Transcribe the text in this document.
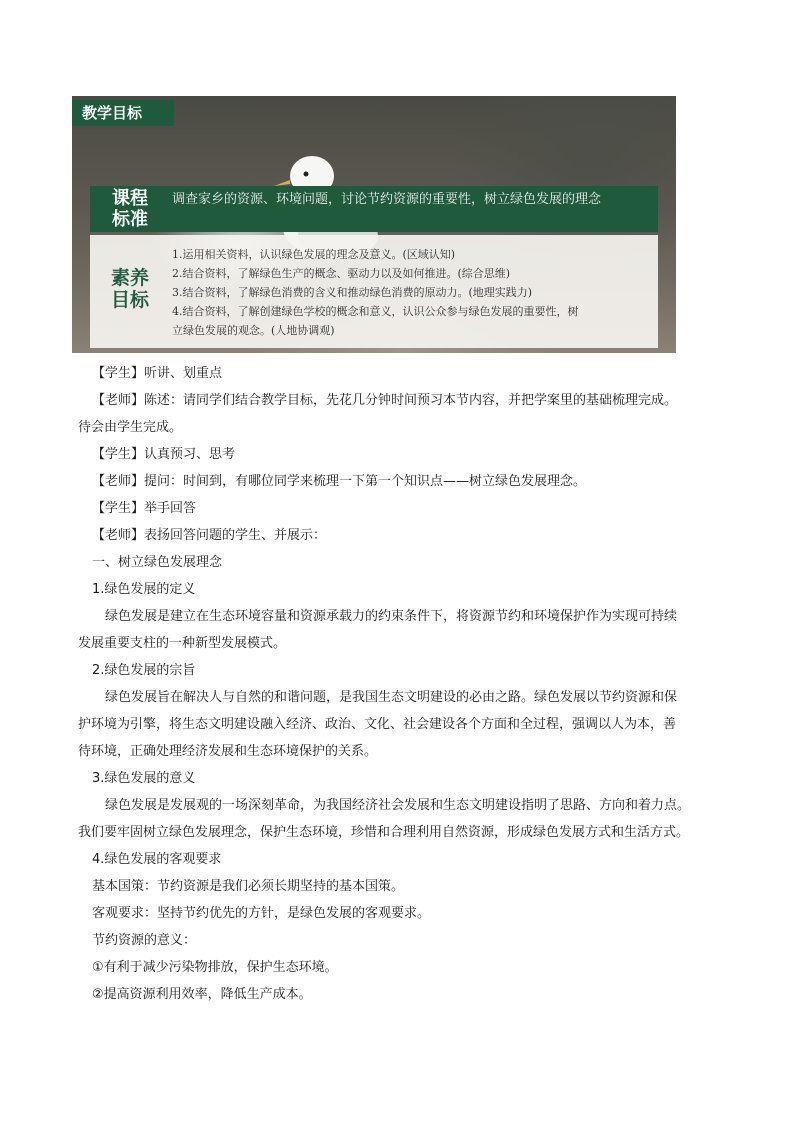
教学目标
课程
标准
调查家乡的资源、环境问题，讨论节约资源的重要性，树立绿色发展的理念
素养
目标
1.运用相关资料，认识绿色发展的理念及意义。(区域认知)
2.结合资料，了解绿色生产的概念、驱动力以及如何推进。(综合思维)
3.结合资料，了解绿色消费的含义和推动绿色消费的原动力。(地理实践力)
4.结合资料，了解创建绿色学校的概念和意义，认识公众参与绿色发展的重要性，树
立绿色发展的观念。(人地协调观)

【学生】听讲、划重点

【老师】陈述：请同学们结合教学目标，先花几分钟时间预习本节内容，并把学案里的基础梳理完成。

待会由学生完成。

【学生】认真预习、思考

【老师】提问：时间到，有哪位同学来梳理一下第一个知识点——树立绿色发展理念。

【学生】举手回答

【老师】表扬回答问题的学生、并展示：

一、树立绿色发展理念

1.绿色发展的定义

绿色发展是建立在生态环境容量和资源承载力的约束条件下，将资源节约和环境保护作为实现可持续

发展重要支柱的一种新型发展模式。

2.绿色发展的宗旨

绿色发展旨在解决人与自然的和谐问题，是我国生态文明建设的必由之路。绿色发展以节约资源和保

护环境为引擎，将生态文明建设融入经济、政治、文化、社会建设各个方面和全过程，强调以人为本，善

待环境，正确处理经济发展和生态环境保护的关系。

3.绿色发展的意义

绿色发展是发展观的一场深刻革命，为我国经济社会发展和生态文明建设指明了思路、方向和着力点。

我们要牢固树立绿色发展理念，保护生态环境，珍惜和合理利用自然资源，形成绿色发展方式和生活方式。

4.绿色发展的客观要求

基本国策：节约资源是我们必须长期坚持的基本国策。

客观要求：坚持节约优先的方针，是绿色发展的客观要求。

节约资源的意义：

①有利于减少污染物排放，保护生态环境。

②提高资源利用效率，降低生产成本。
